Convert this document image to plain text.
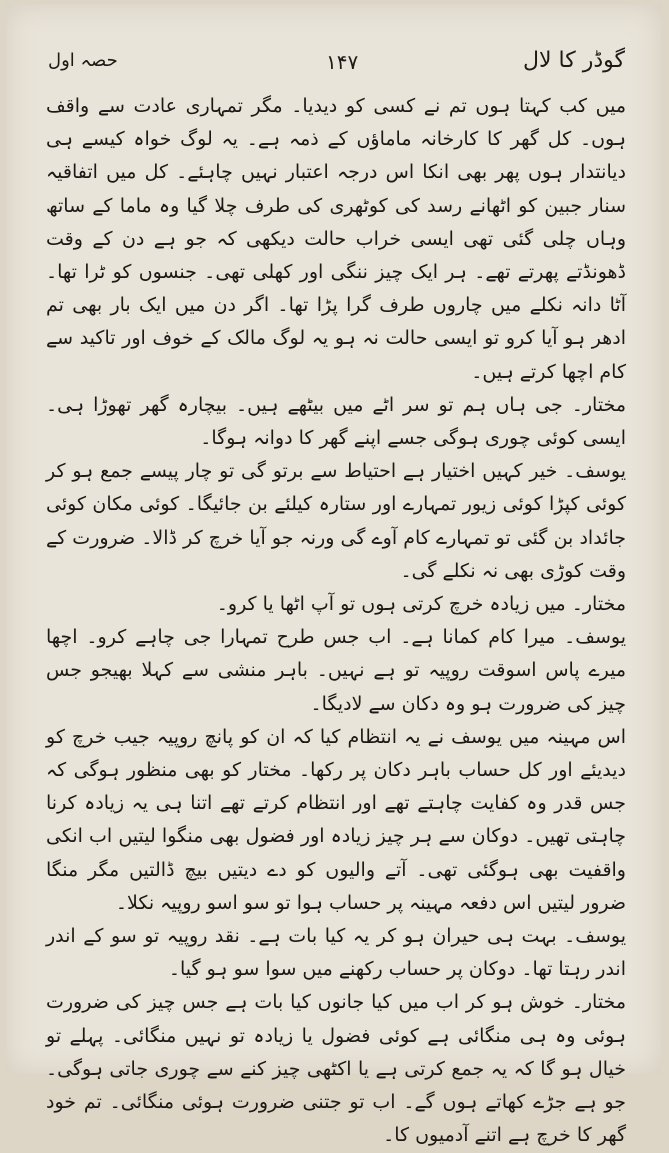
گوڈر کا لال
۱۴۷
حصہ اول

میں کب کہتا ہوں تم نے کسی کو دیدیا۔ مگر تمہاری عادت سے واقف ہوں۔ کل گھر کا کارخانہ ماماؤں کے ذمہ ہے۔ یہ لوگ خواہ کیسے ہی دیانتدار ہوں پھر بھی انکا اس درجہ اعتبار نہیں چاہئے۔ کل میں اتفاقیہ سنار جبین کو اٹھانے رسد کی کوٹھری کی طرف چلا گیا وہ ماما کے ساتھ وہاں چلی گئی تھی ایسی خراب حالت دیکھی کہ جو ہے دن کے وقت ڈھونڈتے پھرتے تھے۔ ہر ایک چیز ننگی اور کھلی تھی۔ جنسوں کو ٹرا تھا۔ آٹا دانہ نکلے میں چاروں طرف گرا پڑا تھا۔ اگر دن میں ایک بار بھی تم ادھر ہو آیا کرو تو ایسی حالت نہ ہو یہ لوگ مالک کے خوف اور تاکید سے کام اچھا کرتے ہیں۔

مختار۔ جی ہاں ہم تو سر اٹے میں بیٹھے ہیں۔ بیچارہ گھر تھوڑا ہی۔ ایسی کوئی چوری ہوگی جسے اپنے گھر کا دوانہ ہوگا۔

یوسف۔ خیر کہیں اختیار ہے احتیاط سے برتو گی تو چار پیسے جمع ہو کر کوئی کپڑا کوئی زیور تمہارے اور ستارہ کیلئے بن جائیگا۔ کوئی مکان کوئی جائداد بن گئی تو تمہارے کام آوے گی ورنہ جو آیا خرچ کر ڈالا۔ ضرورت کے وقت کوڑی بھی نہ نکلے گی۔

مختار۔ میں زیادہ خرچ کرتی ہوں تو آپ اٹھا یا کرو۔

یوسف۔ میرا کام کمانا ہے۔ اب جس طرح تمہارا جی چاہے کرو۔ اچھا میرے پاس اسوقت روپیہ تو ہے نہیں۔ باہر منشی سے کہلا بھیجو جس چیز کی ضرورت ہو وہ دکان سے لادیگا۔

اس مہینہ میں یوسف نے یہ انتظام کیا کہ ان کو پانچ روپیہ جیب خرچ کو دیدیئے اور کل حساب باہر دکان پر رکھا۔ مختار کو بھی منظور ہوگی کہ جس قدر وہ کفایت چاہتے تھے اور انتظام کرتے تھے اتنا ہی یہ زیادہ کرنا چاہتی تھیں۔ دوکان سے ہر چیز زیادہ اور فضول بھی منگوا لیتیں اب انکی واقفیت بھی ہوگئی تھی۔ آتے والیوں کو دے دیتیں بیچ ڈالتیں مگر منگا ضرور لیتیں اس دفعہ مہینہ پر حساب ہوا تو سو اسو روپیہ نکلا۔

یوسف۔ بہت ہی حیران ہو کر یہ کیا بات ہے۔ نقد روپیہ تو سو کے اندر اندر رہتا تھا۔ دوکان پر حساب رکھنے میں سوا سو ہو گیا۔

مختار۔ خوش ہو کر اب میں کیا جانوں کیا بات ہے جس چیز کی ضرورت ہوئی وہ ہی منگائی ہے کوئی فضول یا زیادہ تو نہیں منگائی۔ پہلے تو خیال ہو گا کہ یہ جمع کرتی ہے یا اکٹھی چیز کنے سے چوری جاتی ہوگی۔ جو ہے جڑے کھاتے ہوں گے۔ اب تو جتنی ضرورت ہوئی منگائی۔ تم خود گھر کا خرچ ہے اتنے آدمیوں کا۔
